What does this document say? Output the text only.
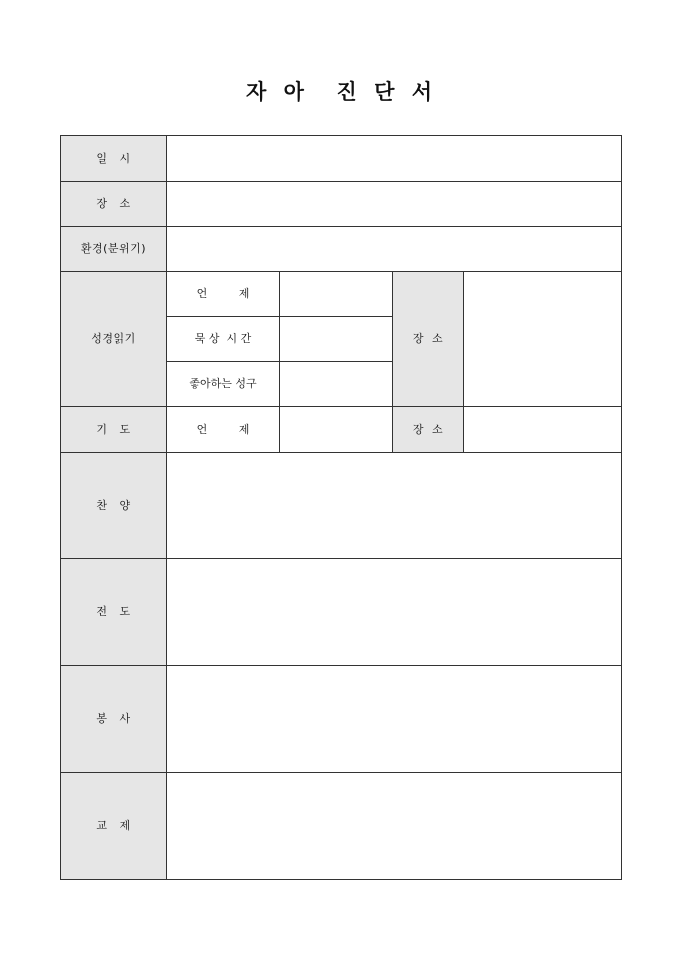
자 아  진 단 서
일   시				
장   소				
환경(분위기)				
성경읽기	언         제		장  소	
	묵 상  시 간			
	좋아하는 성구			
기   도	언         제		장  소	
찬   양				
전   도				
봉   사				
교   제				
